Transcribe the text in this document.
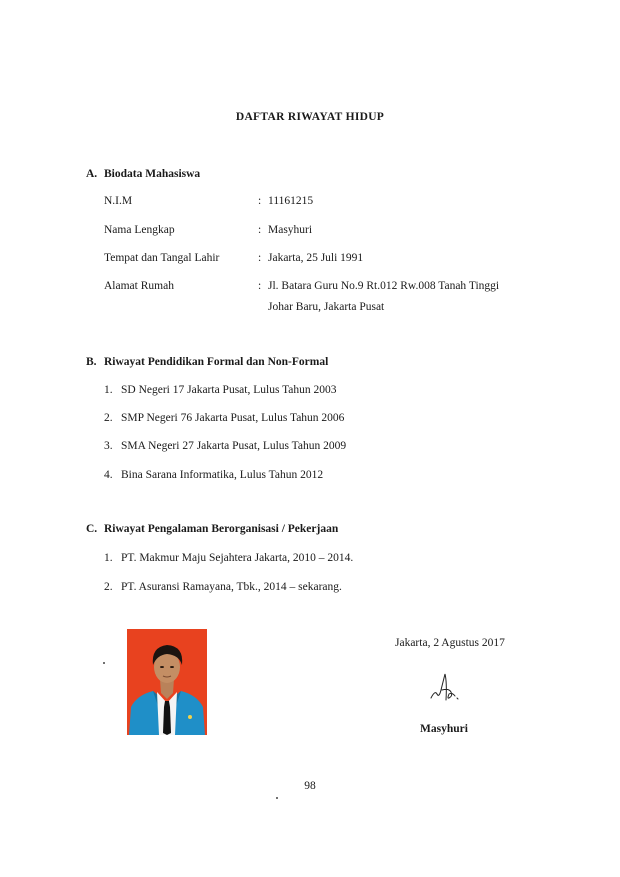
DAFTAR RIWAYAT HIDUP
A. Biodata Mahasiswa
N.I.M	: 11161215
Nama Lengkap	: Masyhuri
Tempat dan Tangal Lahir	: Jakarta, 25 Juli 1991
Alamat Rumah	: Jl. Batara Guru No.9 Rt.012 Rw.008 Tanah Tinggi
Johar Baru, Jakarta Pusat
B. Riwayat Pendidikan Formal dan Non-Formal
1. SD Negeri 17 Jakarta Pusat, Lulus Tahun 2003
2. SMP Negeri 76 Jakarta Pusat, Lulus Tahun 2006
3. SMA Negeri 27 Jakarta Pusat, Lulus Tahun 2009
4. Bina Sarana Informatika, Lulus Tahun 2012
C. Riwayat Pengalaman Berorganisasi / Pekerjaan
1. PT. Makmur Maju Sejahtera Jakarta, 2010 – 2014.
2. PT. Asuransi Ramayana, Tbk., 2014 – sekarang.
Jakarta, 2 Agustus 2017
Masyhuri
98
